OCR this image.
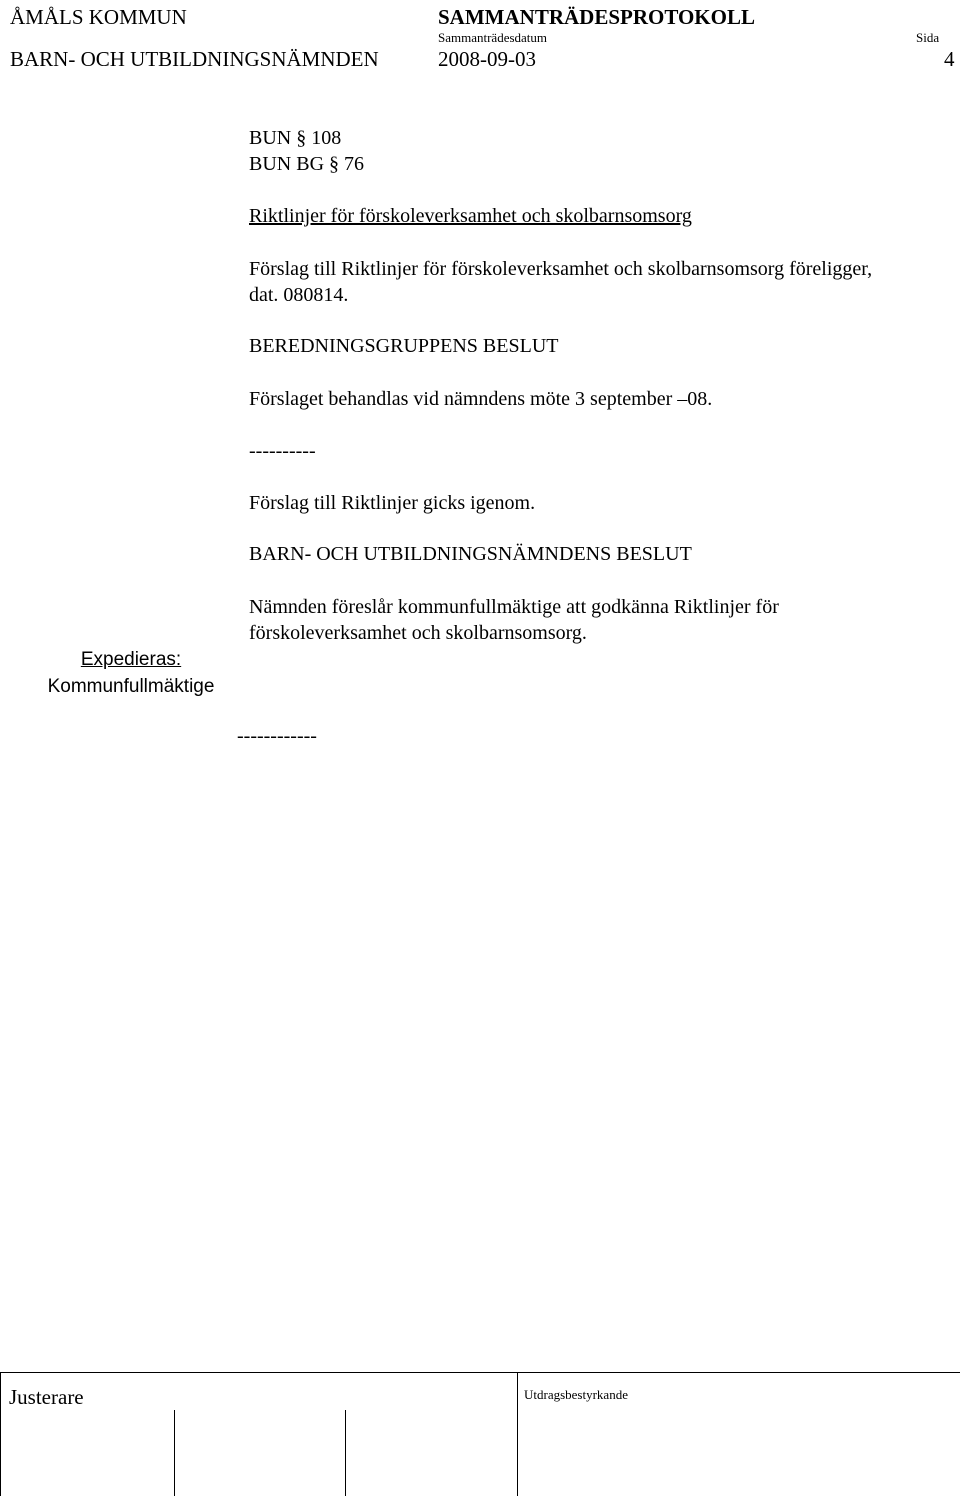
ÅMÅLS KOMMUN	SAMMANTRÄDESPROTOKOLL
BARN- OCH UTBILDNINGSNÄMNDEN
Sammanträdesdatum
2008-09-03
Sida
4
BUN § 108
BUN BG § 76
Riktlinjer för förskoleverksamhet och skolbarnsomsorg
Förslag till Riktlinjer för förskoleverksamhet och skolbarnsomsorg föreligger,
dat. 080814.
BEREDNINGSGRUPPENS BESLUT
Förslaget behandlas vid nämndens möte 3 september –08.
----------
Förslag till Riktlinjer gicks igenom.
BARN- OCH UTBILDNINGSNÄMNDENS BESLUT
Nämnden föreslår kommunfullmäktige att godkänna Riktlinjer för
förskoleverksamhet och skolbarnsomsorg.
Expedieras:
Kommunfullmäktige
------------
Justerare	Utdragsbestyrkande
